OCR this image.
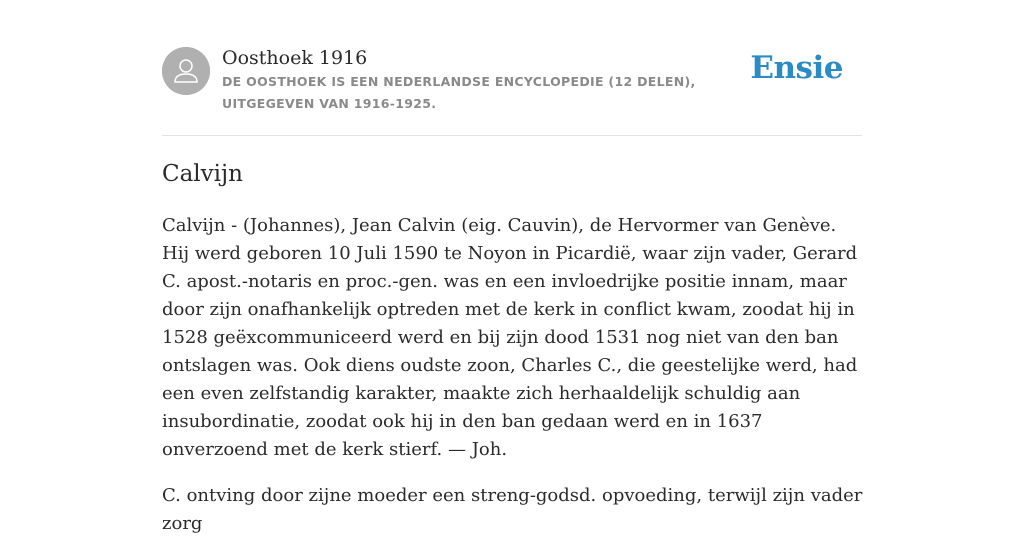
Oosthoek 1916
DE OOSTHOEK IS EEN NEDERLANDSE ENCYCLOPEDIE (12 DELEN), UITGEGEVEN VAN 1916-1925.
Ensie
Calvijn

Calvijn - (Johannes), Jean Calvin (eig. Cauvin), de Hervormer van Genève. Hij werd geboren 10 Juli 1590 te Noyon in Picardië, waar zijn vader, Gerard C. apost.-notaris en proc.-gen. was en een invloedrijke positie innam, maar door zijn onafhankelijk optreden met de kerk in conflict kwam, zoodat hij in 1528 geëxcommuniceerd werd en bij zijn dood 1531 nog niet van den ban ontslagen was. Ook diens oudste zoon, Charles C., die geestelijke werd, had een even zelfstandig karakter, maakte zich herhaaldelijk schuldig aan insubordinatie, zoodat ook hij in den ban gedaan werd en in 1637 onverzoend met de kerk stierf. — Joh.

C. ontving door zijne moeder een streng-godsd. opvoeding, terwijl zijn vader zorg
